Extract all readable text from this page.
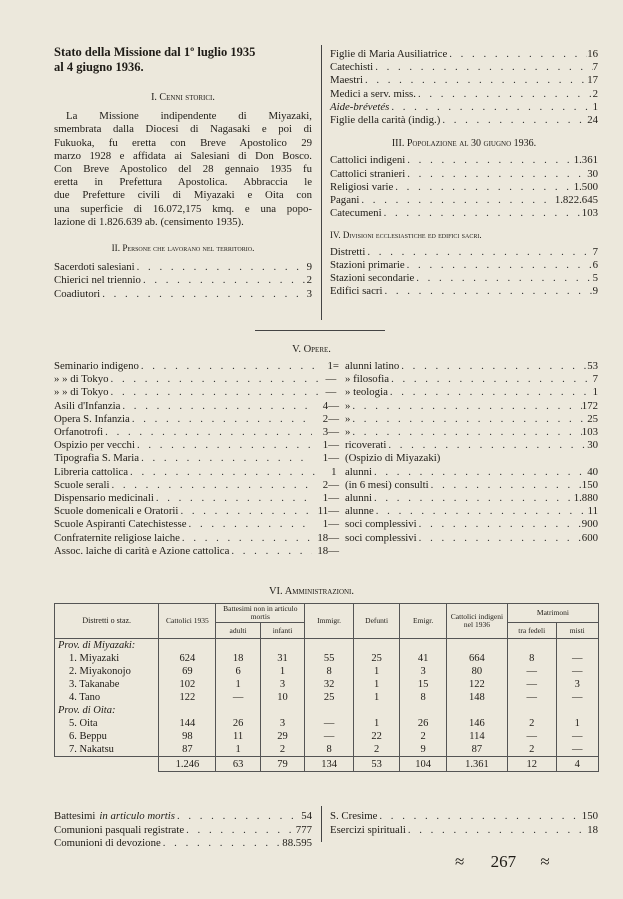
Stato della Missione dal 1º luglio 1935
al 4 giugno 1936.
I. Cenni storici.
La Missione indipendente di Miyazaki,
smembrata dalla Diocesi di Nagasaki e poi di
Fukuoka, fu eretta con Breve Apostolico 29
marzo 1928 e affidata ai Salesiani di Don Bosco.
Con Breve Apostolico del 28 gennaio 1935 fu
eretta in Prefettura Apostolica. Abbraccia le
due Prefetture civili di Miyazaki e Oita con
una superficie di 16.072,175 kmq. e una popo-
lazione di 1.826.639 ab. (censimento 1935).
II. Persone che lavorano nel territorio.
Sacerdoti salesiani . . .	9
Chierici nel triennio . . .	2
Coadiutori . . .	3
Figlie di Maria Ausiliatrice . . .	16
Catechisti . . .	7
Maestri . . .	17
Medici a serv. miss. . . .	2
Aide-brévetés . . .	1
Figlie della carità (indig.) . . .	24
III. Popolazione al 30 giugno 1936.
Cattolici indigeni . . .	1.361
Cattolici stranieri . . .	30
Religiosi varie . . .	1.500
Pagani . . .	1.822.645
Catecumeni . . .	103
IV. Divisioni ecclesiastiche ed edifici sacri.
Distretti . . .	7
Stazioni primarie . . .	6
Stazioni secondarie . . .	5
Edifici sacri . . .	9
V. Opere.
Seminario indigeno . . .	1 =
» » di Tokyo . . .	—
» » di Tokyo . . .	—
Asili d'Infanzia . . .	4 —
Opera S. Infanzia . . .	2 —
Orfanotrofi . . .	3 —
Ospizio per vecchi . . .	1 —
Tipografia S. Maria . . .	1 —
Libreria cattolica . . .	1
Scuole serali . . .	2 —
Dispensario medicinali . . .	1 —
Scuole domenicali e Oratorii . . .	11 —
Scuole Aspiranti Catechistesse . . .	1 —
Confraternite religiose laiche . . .	18 —
Assoc. laiche di carità e Azione cattolica . . .	18 —
alunni latino . . .	53
» filosofia . . .	7
» teologia . . .	1
» . . .	172
» . . .	25
» . . .	103
ricoverati . . .	30
(Ospizio di Miyazaki)
alunni . . .	40
(in 6 mesi) consulti . . .	150
alunni . . .	1.880
alunne . . .	11
soci complessivi . . .	900
soci complessivi . . .	600
VI. Amministrazioni.
Distretti o staz.	Cattolici 1935	Battesimi non in articulo mortis		Immigr.	Defunti	Emigr.	Cattolici indigeni nel 1936	Matrimoni	
		adulti	infanti					tra fedeli	misti
Prov. di Miyazaki:									
1. Miyazaki	624	18	31	55	25	41	664	8	—
2. Miyakonojo	69	6	1	8	1	3	80	—	—
3. Takanabe	102	1	3	32	1	15	122	—	3
4. Tano	122	—	10	25	1	8	148	—	—
Prov. di Oita:									
5. Oita	144	26	3	—	1	26	146	2	1
6. Beppu	98	11	29	—	22	2	114	—	—
7. Nakatsu	87	1	2	8	2	9	87	2	—
	1.246	63	79	134	53	104	1.361	12	4
Battesimi in articulo mortis . . .	54
Comunioni pasquali registrate . . .	777
Comunioni di devozione . . .	88.595
S. Cresime . . .	150
Esercizi spirituali . . .	18
≈ 267 ≈
